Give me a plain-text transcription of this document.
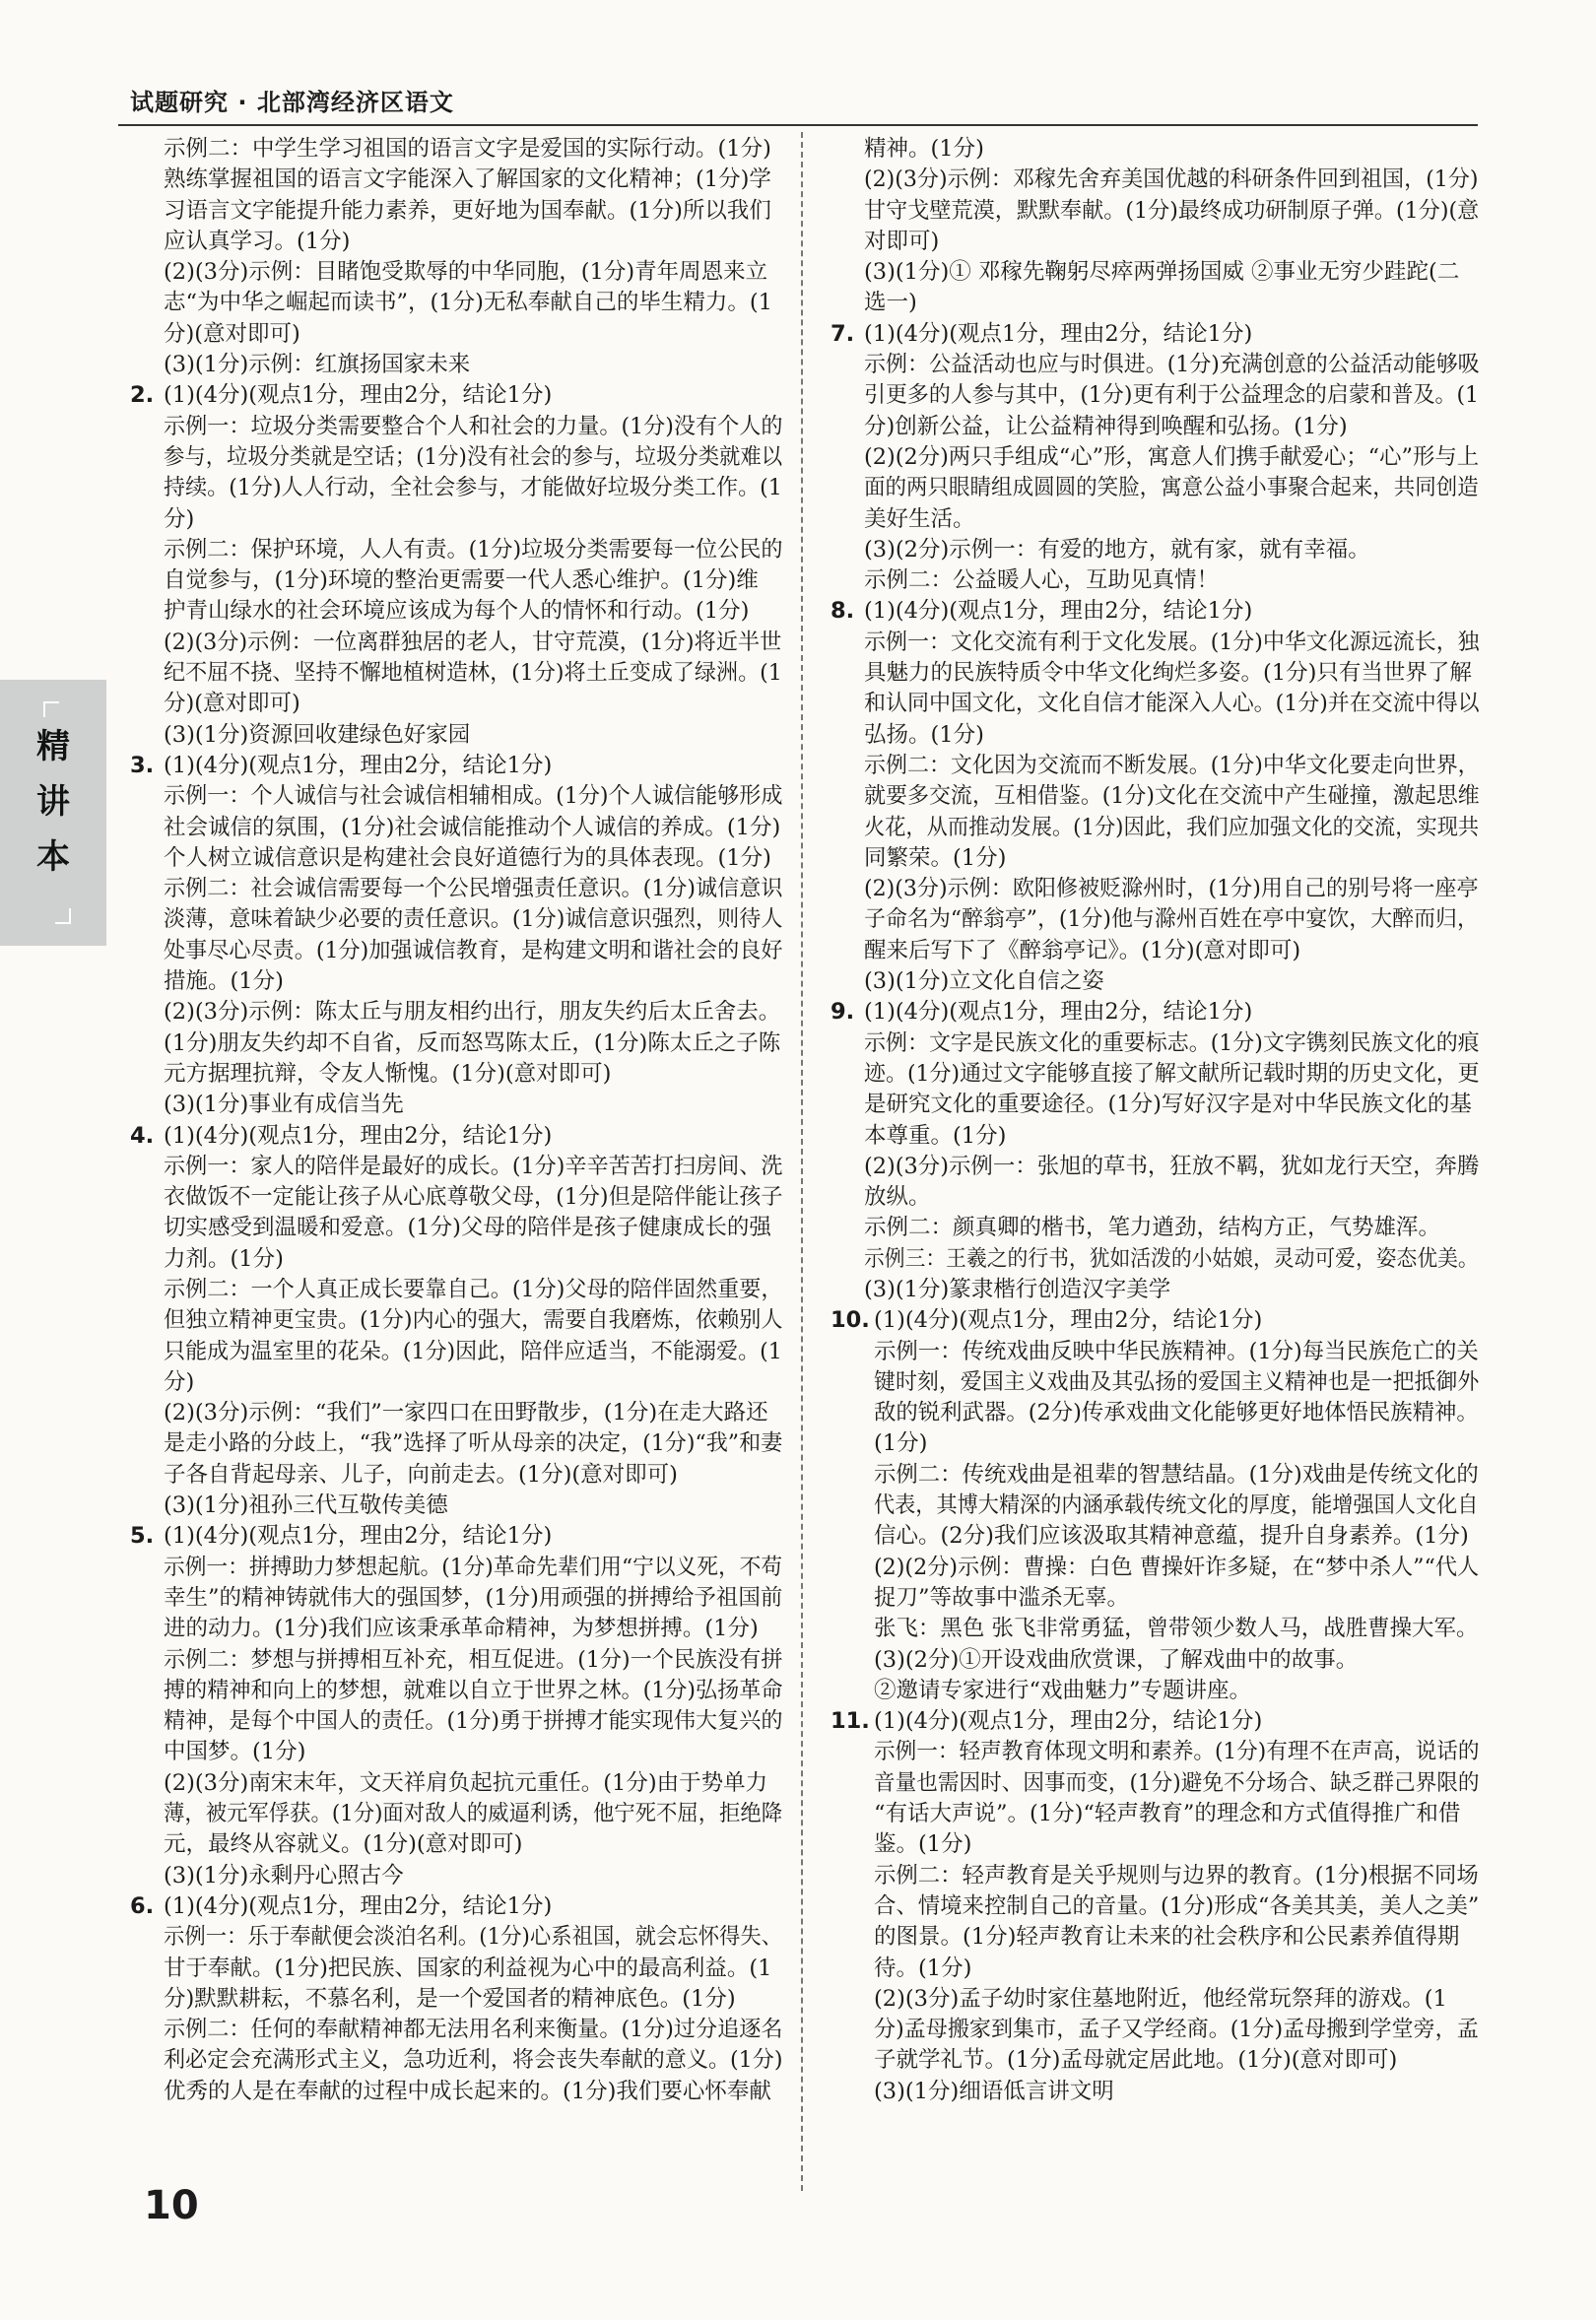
试题研究 · 北部湾经济区语文
精
讲
本
示例二：中学生学习祖国的语言文字是爱国的实际行动。(1分)
熟练掌握祖国的语言文字能深入了解国家的文化精神；(1分)学
习语言文字能提升能力素养，更好地为国奉献。(1分)所以我们
应认真学习。(1分)
(2)(3分)示例：目睹饱受欺辱的中华同胞，(1分)青年周恩来立
志“为中华之崛起而读书”，(1分)无私奉献自己的毕生精力。(1
分)(意对即可)
(3)(1分)示例：红旗扬国家未来
2. (1)(4分)(观点1分，理由2分，结论1分)
示例一：垃圾分类需要整合个人和社会的力量。(1分)没有个人的
参与，垃圾分类就是空话；(1分)没有社会的参与，垃圾分类就难以
持续。(1分)人人行动，全社会参与，才能做好垃圾分类工作。(1
分)
示例二：保护环境，人人有责。(1分)垃圾分类需要每一位公民的
自觉参与，(1分)环境的整治更需要一代人悉心维护。(1分)维
护青山绿水的社会环境应该成为每个人的情怀和行动。(1分)
(2)(3分)示例：一位离群独居的老人，甘守荒漠，(1分)将近半世
纪不屈不挠、坚持不懈地植树造林，(1分)将土丘变成了绿洲。(1
分)(意对即可)
(3)(1分)资源回收建绿色好家园
3. (1)(4分)(观点1分，理由2分，结论1分)
示例一：个人诚信与社会诚信相辅相成。(1分)个人诚信能够形成
社会诚信的氛围，(1分)社会诚信能推动个人诚信的养成。(1分)
个人树立诚信意识是构建社会良好道德行为的具体表现。(1分)
示例二：社会诚信需要每一个公民增强责任意识。(1分)诚信意识
淡薄，意味着缺少必要的责任意识。(1分)诚信意识强烈，则待人
处事尽心尽责。(1分)加强诚信教育，是构建文明和谐社会的良好
措施。(1分)
(2)(3分)示例：陈太丘与朋友相约出行，朋友失约后太丘舍去。
(1分)朋友失约却不自省，反而怒骂陈太丘，(1分)陈太丘之子陈
元方据理抗辩，令友人惭愧。(1分)(意对即可)
(3)(1分)事业有成信当先
4. (1)(4分)(观点1分，理由2分，结论1分)
示例一：家人的陪伴是最好的成长。(1分)辛辛苦苦打扫房间、洗
衣做饭不一定能让孩子从心底尊敬父母，(1分)但是陪伴能让孩子
切实感受到温暖和爱意。(1分)父母的陪伴是孩子健康成长的强
力剂。(1分)
示例二：一个人真正成长要靠自己。(1分)父母的陪伴固然重要，
但独立精神更宝贵。(1分)内心的强大，需要自我磨炼，依赖别人
只能成为温室里的花朵。(1分)因此，陪伴应适当，不能溺爱。(1
分)
(2)(3分)示例：“我们”一家四口在田野散步，(1分)在走大路还
是走小路的分歧上，“我”选择了听从母亲的决定，(1分)“我”和妻
子各自背起母亲、儿子，向前走去。(1分)(意对即可)
(3)(1分)祖孙三代互敬传美德
5. (1)(4分)(观点1分，理由2分，结论1分)
示例一：拼搏助力梦想起航。(1分)革命先辈们用“宁以义死，不苟
幸生”的精神铸就伟大的强国梦，(1分)用顽强的拼搏给予祖国前
进的动力。(1分)我们应该秉承革命精神，为梦想拼搏。(1分)
示例二：梦想与拼搏相互补充，相互促进。(1分)一个民族没有拼
搏的精神和向上的梦想，就难以自立于世界之林。(1分)弘扬革命
精神，是每个中国人的责任。(1分)勇于拼搏才能实现伟大复兴的
中国梦。(1分)
(2)(3分)南宋末年，文天祥肩负起抗元重任。(1分)由于势单力
薄，被元军俘获。(1分)面对敌人的威逼利诱，他宁死不屈，拒绝降
元，最终从容就义。(1分)(意对即可)
(3)(1分)永剩丹心照古今
6. (1)(4分)(观点1分，理由2分，结论1分)
示例一：乐于奉献便会淡泊名利。(1分)心系祖国，就会忘怀得失、
甘于奉献。(1分)把民族、国家的利益视为心中的最高利益。(1
分)默默耕耘，不慕名利，是一个爱国者的精神底色。(1分)
示例二：任何的奉献精神都无法用名利来衡量。(1分)过分追逐名
利必定会充满形式主义，急功近利，将会丧失奉献的意义。(1分)
优秀的人是在奉献的过程中成长起来的。(1分)我们要心怀奉献
精神。(1分)
(2)(3分)示例：邓稼先舍弃美国优越的科研条件回到祖国，(1分)
甘守戈壁荒漠，默默奉献。(1分)最终成功研制原子弹。(1分)(意
对即可)
(3)(1分)① 邓稼先鞠躬尽瘁两弹扬国威 ②事业无穷少跬跎(二
选一)
7. (1)(4分)(观点1分，理由2分，结论1分)
示例：公益活动也应与时俱进。(1分)充满创意的公益活动能够吸
引更多的人参与其中，(1分)更有利于公益理念的启蒙和普及。(1
分)创新公益，让公益精神得到唤醒和弘扬。(1分)
(2)(2分)两只手组成“心”形，寓意人们携手献爱心；“心”形与上
面的两只眼睛组成圆圆的笑脸，寓意公益小事聚合起来，共同创造
美好生活。
(3)(2分)示例一：有爱的地方，就有家，就有幸福。
示例二：公益暖人心，互助见真情！
8. (1)(4分)(观点1分，理由2分，结论1分)
示例一：文化交流有利于文化发展。(1分)中华文化源远流长，独
具魅力的民族特质令中华文化绚烂多姿。(1分)只有当世界了解
和认同中国文化，文化自信才能深入人心。(1分)并在交流中得以
弘扬。(1分)
示例二：文化因为交流而不断发展。(1分)中华文化要走向世界，
就要多交流，互相借鉴。(1分)文化在交流中产生碰撞，激起思维
火花，从而推动发展。(1分)因此，我们应加强文化的交流，实现共
同繁荣。(1分)
(2)(3分)示例：欧阳修被贬滁州时，(1分)用自己的别号将一座亭
子命名为“醉翁亭”，(1分)他与滁州百姓在亭中宴饮，大醉而归，
醒来后写下了《醉翁亭记》。(1分)(意对即可)
(3)(1分)立文化自信之姿
9. (1)(4分)(观点1分，理由2分，结论1分)
示例：文字是民族文化的重要标志。(1分)文字镌刻民族文化的痕
迹。(1分)通过文字能够直接了解文献所记载时期的历史文化，更
是研究文化的重要途径。(1分)写好汉字是对中华民族文化的基
本尊重。(1分)
(2)(3分)示例一：张旭的草书，狂放不羁，犹如龙行天空，奔腾
放纵。
示例二：颜真卿的楷书，笔力遒劲，结构方正，气势雄浑。
示例三：王羲之的行书，犹如活泼的小姑娘，灵动可爱，姿态优美。
(3)(1分)篆隶楷行创造汉字美学
10. (1)(4分)(观点1分，理由2分，结论1分)
示例一：传统戏曲反映中华民族精神。(1分)每当民族危亡的关
键时刻，爱国主义戏曲及其弘扬的爱国主义精神也是一把抵御外
敌的锐利武器。(2分)传承戏曲文化能够更好地体悟民族精神。
(1分)
示例二：传统戏曲是祖辈的智慧结晶。(1分)戏曲是传统文化的
代表，其博大精深的内涵承载传统文化的厚度，能增强国人文化自
信心。(2分)我们应该汲取其精神意蕴，提升自身素养。(1分)
(2)(2分)示例：曹操：白色 曹操奸诈多疑，在“梦中杀人”“代人
捉刀”等故事中滥杀无辜。
张飞：黑色 张飞非常勇猛，曾带领少数人马，战胜曹操大军。
(3)(2分)①开设戏曲欣赏课，了解戏曲中的故事。
②邀请专家进行“戏曲魅力”专题讲座。
11. (1)(4分)(观点1分，理由2分，结论1分)
示例一：轻声教育体现文明和素养。(1分)有理不在声高，说话的
音量也需因时、因事而变，(1分)避免不分场合、缺乏群己界限的
“有话大声说”。(1分)“轻声教育”的理念和方式值得推广和借
鉴。(1分)
示例二：轻声教育是关乎规则与边界的教育。(1分)根据不同场
合、情境来控制自己的音量。(1分)形成“各美其美，美人之美”
的图景。(1分)轻声教育让未来的社会秩序和公民素养值得期
待。(1分)
(2)(3分)孟子幼时家住墓地附近，他经常玩祭拜的游戏。(1
分)孟母搬家到集市，孟子又学经商。(1分)孟母搬到学堂旁，孟
子就学礼节。(1分)孟母就定居此地。(1分)(意对即可)
(3)(1分)细语低言讲文明
10
